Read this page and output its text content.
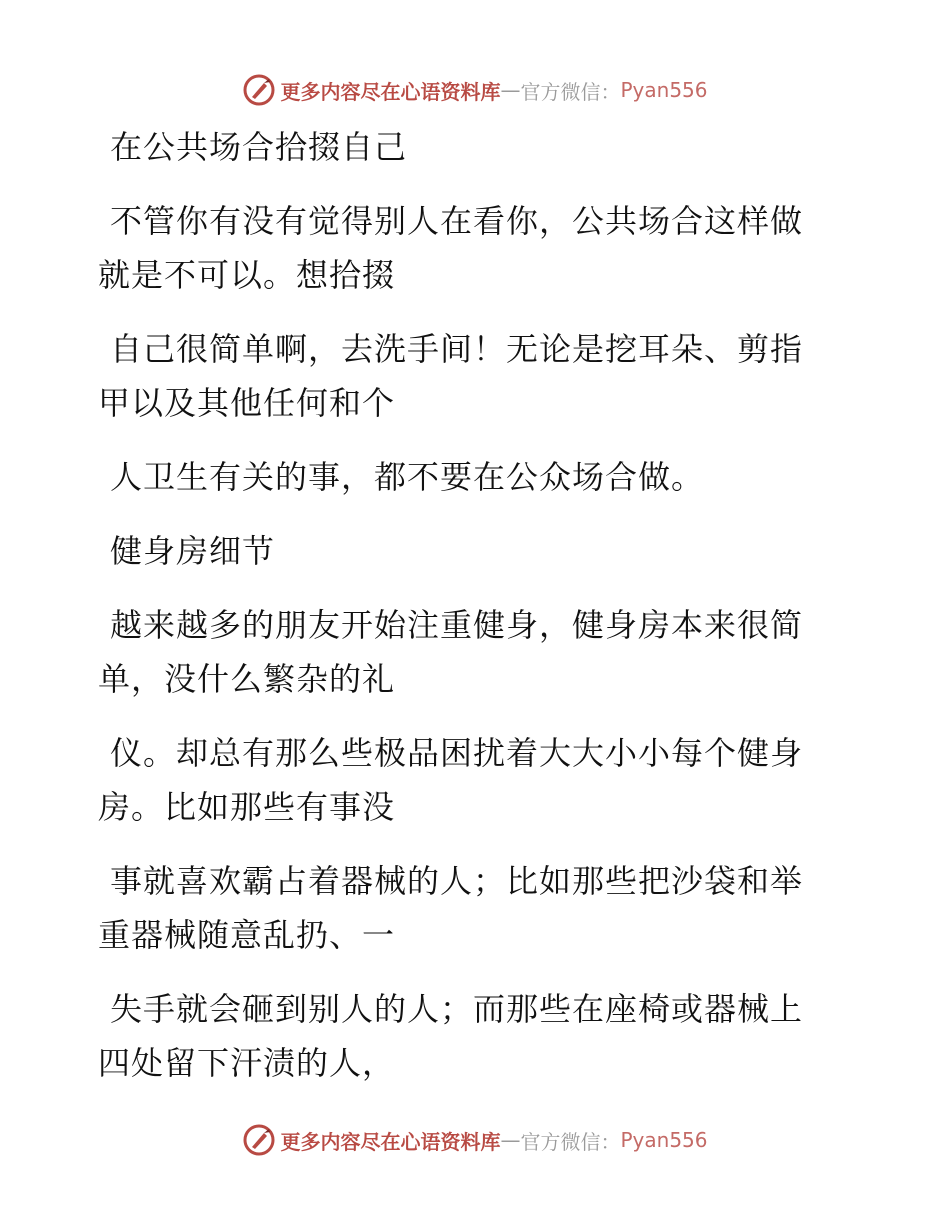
更多内容尽在心语资料库 — 官方微信： Pyan556
在公共场合拾掇自己
不管你有没有觉得别人在看你，公共场合这样做
就是不可以。想拾掇
自己很简单啊，去洗手间！无论是挖耳朵、剪指
甲以及其他任何和个
人卫生有关的事，都不要在公众场合做。
健身房细节
越来越多的朋友开始注重健身，健身房本来很简
单，没什么繁杂的礼
仪。却总有那么些极品困扰着大大小小每个健身
房。比如那些有事没
事就喜欢霸占着器械的人；比如那些把沙袋和举
重器械随意乱扔、一
失手就会砸到别人的人；而那些在座椅或器械上
四处留下汗渍的人，
更多内容尽在心语资料库 — 官方微信： Pyan556
